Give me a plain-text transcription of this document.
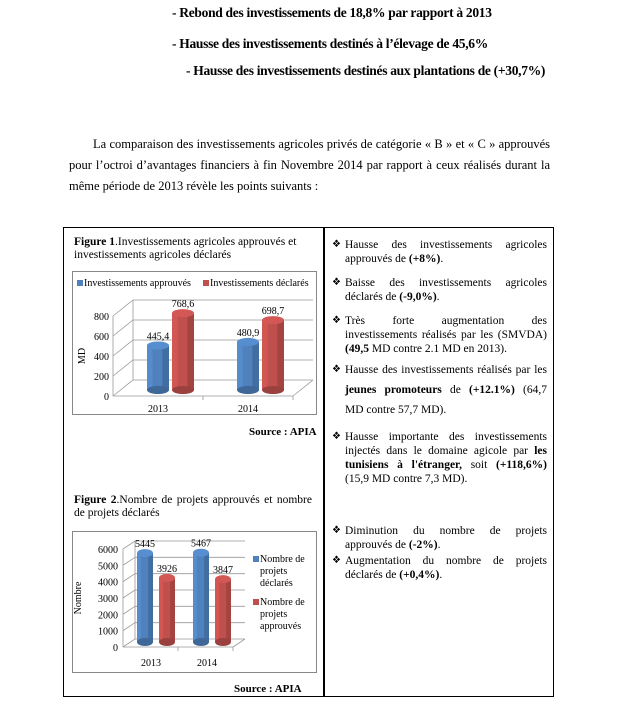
- Rebond des investissements de 18,8% par rapport à 2013
- Hausse des investissements destinés à l’élevage de 45,6%
- Hausse des investissements destinés aux plantations de (+30,7%)
La comparaison des investissements agricoles privés de catégorie « B » et « C » approuvés pour l’octroi d’avantages financiers à fin Novembre 2014 par rapport à ceux réalisés durant la même période de 2013 révèle les points suivants :
Figure 1.Investissements agricoles approuvés et investissements agricoles déclarés
Investissements approuvés Investissements déclarés
0
200
400
600
800
MD
445,4
768,6
480,9
698,7
2013	2014
Source : APIA
Figure 2.Nombre de projets approuvés et nombre de projets déclarés
0
1000
2000
3000
4000
5000
6000
Nombre
5445
3926
5467
3847
2013	2014
Nombre de projets déclarés
Nombre de projets approuvés
Source : APIA
❖ Hausse des investissements agricoles approuvés de (+8%).
❖ Baisse des investissements agricoles déclarés de (-9,0%).
❖ Très forte augmentation des investissements réalisés par les (SMVDA) (49,5 MD contre 2.1 MD en 2013).
❖ Hausse des investissements réalisés par les jeunes promoteurs de (+12.1%) (64,7 MD contre 57,7 MD).
❖ Hausse importante des investissements injectés dans le domaine agicole par les tunisiens à l'étranger, soit (+118,6%) (15,9 MD contre 7,3 MD).
❖ Diminution du nombre de projets approuvés de (-2%).
❖ Augmentation du nombre de projets déclarés de (+0,4%).
